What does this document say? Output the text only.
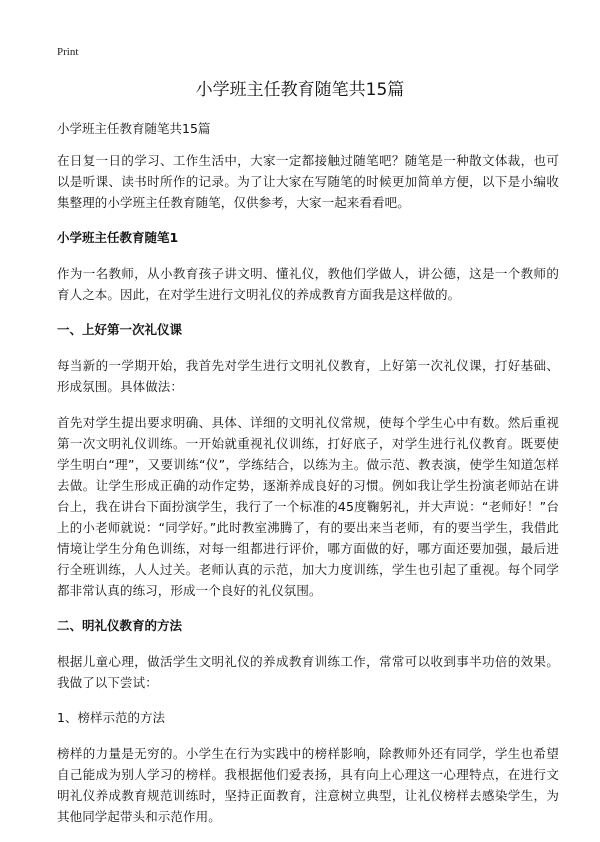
Print
小学班主任教育随笔共15篇
小学班主任教育随笔共15篇

在日复一日的学习、工作生活中，大家一定都接触过随笔吧？随笔是一种散文体裁，也可以是听课、读书时所作的记录。为了让大家在写随笔的时候更加简单方便，以下是小编收集整理的小学班主任教育随笔，仅供参考，大家一起来看看吧。

小学班主任教育随笔1

作为一名教师，从小教育孩子讲文明、懂礼仪，教他们学做人，讲公德，这是一个教师的育人之本。因此，在对学生进行文明礼仪的养成教育方面我是这样做的。

一、上好第一次礼仪课

每当新的一学期开始，我首先对学生进行文明礼仪教育，上好第一次礼仪课，打好基础、形成氛围。具体做法：

首先对学生提出要求明确、具体、详细的文明礼仪常规，使每个学生心中有数。然后重视第一次文明礼仪训练。一开始就重视礼仪训练，打好底子，对学生进行礼仪教育。既要使学生明白“理”，又要训练“仪”，学练结合，以练为主。做示范、教表演，使学生知道怎样去做。让学生形成正确的动作定势，逐渐养成良好的习惯。例如我让学生扮演老师站在讲台上，我在讲台下面扮演学生，我行了一个标准的45度鞠躬礼，并大声说：“老师好！”台上的小老师就说：“同学好。”此时教室沸腾了，有的要出来当老师，有的要当学生，我借此情境让学生分角色训练，对每一组都进行评价，哪方面做的好，哪方面还要加强，最后进行全班训练，人人过关。老师认真的示范，加大力度训练，学生也引起了重视。每个同学都非常认真的练习，形成一个良好的礼仪氛围。

二、明礼仪教育的方法

根据儿童心理，做活学生文明礼仪的养成教育训练工作，常常可以收到事半功倍的效果。我做了以下尝试：

1、榜样示范的方法

榜样的力量是无穷的。小学生在行为实践中的榜样影响，除教师外还有同学，学生也希望自己能成为别人学习的榜样。我根据他们爱表扬，具有向上心理这一心理特点，在进行文明礼仪养成教育规范训练时，坚持正面教育，注意树立典型，让礼仪榜样去感染学生，为其他同学起带头和示范作用。
